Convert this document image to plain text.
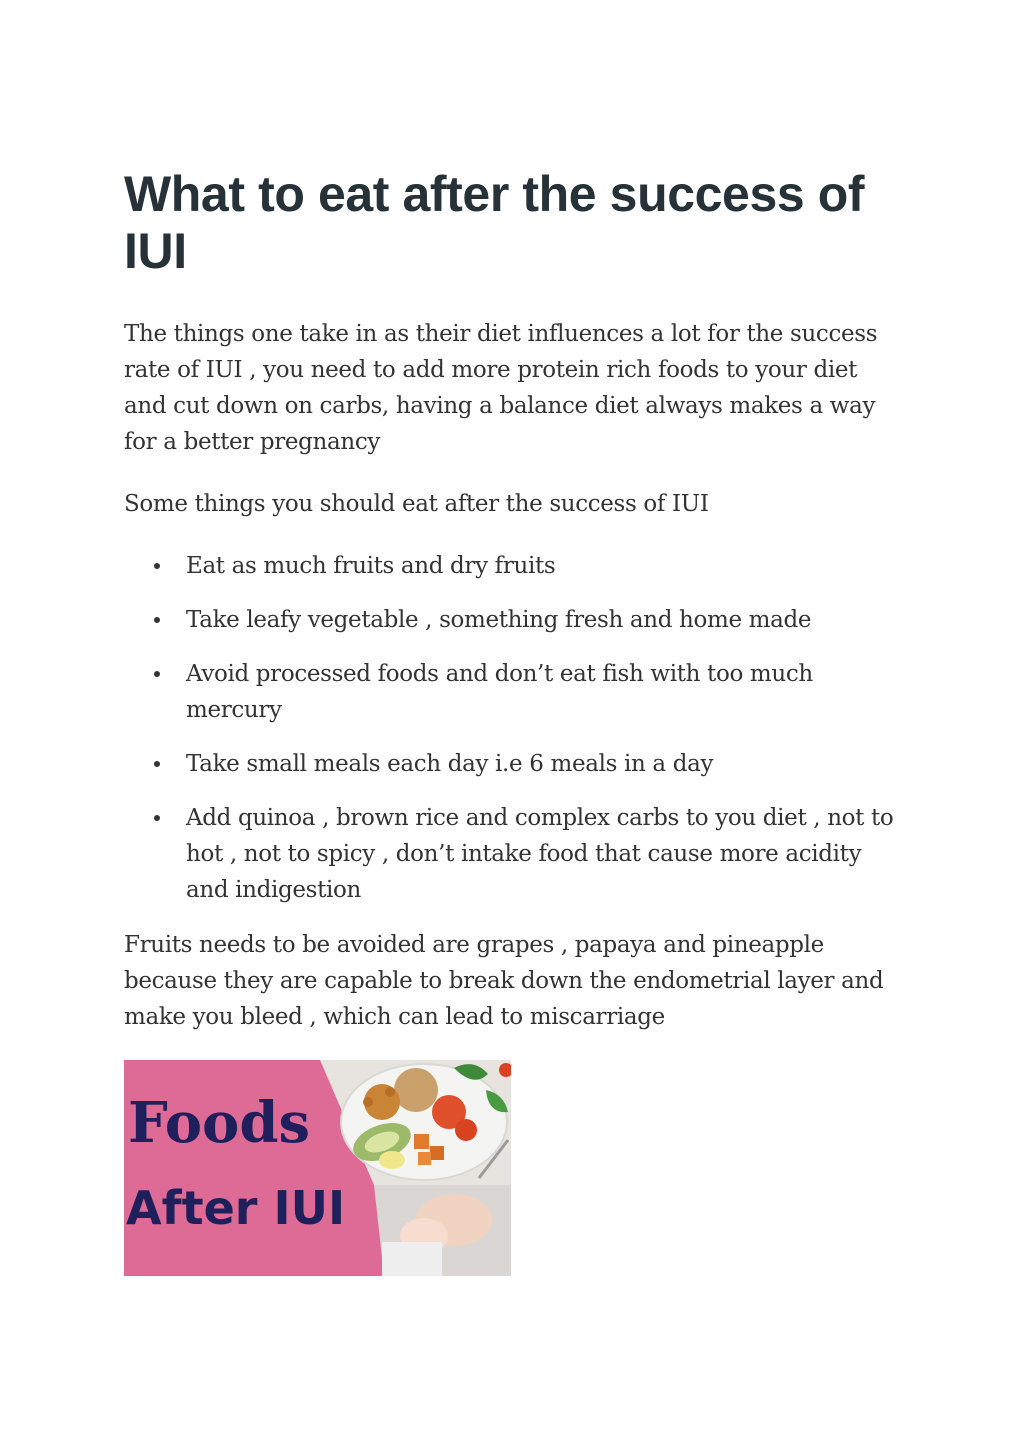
What to eat after the success of IUI

The things one take in as their diet influences a lot for the success rate of IUI , you need to add more protein rich foods to your diet and cut down on carbs, having a balance diet always makes a way for a better pregnancy

Some things you should eat after the success of IUI

Eat as much fruits and dry fruits
Take leafy vegetable , something fresh and home made
Avoid processed foods and don’t eat fish with too much mercury
Take small meals each day i.e 6 meals in a day
Add quinoa , brown rice and complex carbs to you diet , not to hot , not to spicy , don’t intake food that cause more acidity and indigestion

Fruits needs to be avoided are grapes , papaya and pineapple because they are capable to break down the endometrial layer and make you bleed , which can lead to miscarriage

Foods
After IUI
